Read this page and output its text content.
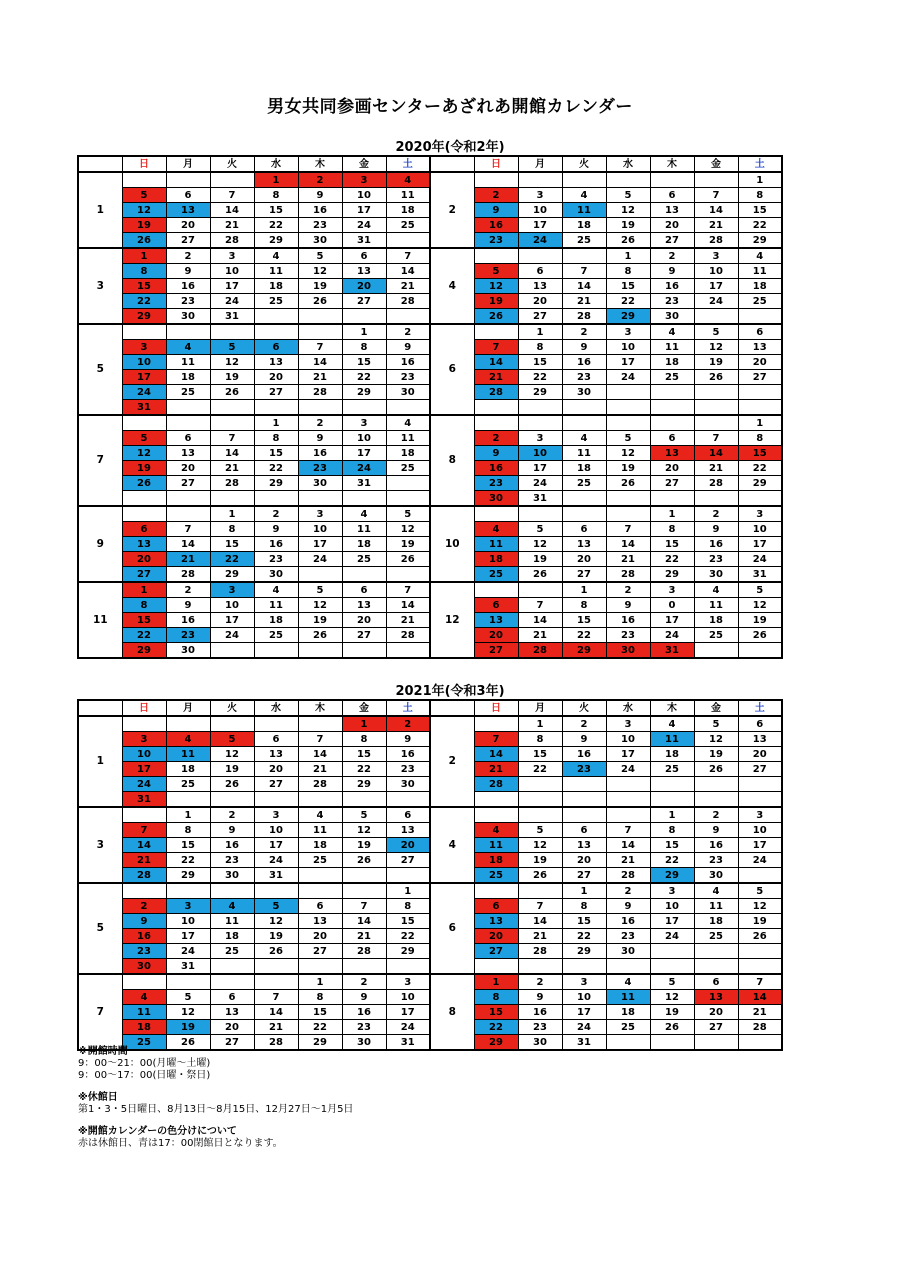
男女共同参画センターあざれあ開館カレンダー
2020年(令和2年)
	日	月	火	水	木	金	土		日	月	火	水	木	金	土
1				1	2	3	4	2							1
	5	6	7	8	9	10	11		2	3	4	5	6	7	8
	12	13	14	15	16	17	18		9	10	11	12	13	14	15
	19	20	21	22	23	24	25		16	17	18	19	20	21	22
	26	27	28	29	30	31			23	24	25	26	27	28	29
3	1	2	3	4	5	6	7	4				1	2	3	4
	8	9	10	11	12	13	14		5	6	7	8	9	10	11
	15	16	17	18	19	20	21		12	13	14	15	16	17	18
	22	23	24	25	26	27	28		19	20	21	22	23	24	25
	29	30	31						26	27	28	29	30		
5						1	2	6		1	2	3	4	5	6
	3	4	5	6	7	8	9		7	8	9	10	11	12	13
	10	11	12	13	14	15	16		14	15	16	17	18	19	20
	17	18	19	20	21	22	23		21	22	23	24	25	26	27
	24	25	26	27	28	29	30		28	29	30				
	31														
7				1	2	3	4	8							1
	5	6	7	8	9	10	11		2	3	4	5	6	7	8
	12	13	14	15	16	17	18		9	10	11	12	13	14	15
	19	20	21	22	23	24	25		16	17	18	19	20	21	22
	26	27	28	29	30	31			23	24	25	26	27	28	29
									30	31					
9			1	2	3	4	5	10					1	2	3
	6	7	8	9	10	11	12		4	5	6	7	8	9	10
	13	14	15	16	17	18	19		11	12	13	14	15	16	17
	20	21	22	23	24	25	26		18	19	20	21	22	23	24
	27	28	29	30					25	26	27	28	29	30	31
11	1	2	3	4	5	6	7	12			1	2	3	4	5
	8	9	10	11	12	13	14		6	7	8	9	0	11	12
	15	16	17	18	19	20	21		13	14	15	16	17	18	19
	22	23	24	25	26	27	28		20	21	22	23	24	25	26
	29	30							27	28	29	30	31		
2021年(令和3年)
	日	月	火	水	木	金	土		日	月	火	水	木	金	土
1						1	2	2		1	2	3	4	5	6
	3	4	5	6	7	8	9		7	8	9	10	11	12	13
	10	11	12	13	14	15	16		14	15	16	17	18	19	20
	17	18	19	20	21	22	23		21	22	23	24	25	26	27
	24	25	26	27	28	29	30		28						
	31														
3		1	2	3	4	5	6	4					1	2	3
	7	8	9	10	11	12	13		4	5	6	7	8	9	10
	14	15	16	17	18	19	20		11	12	13	14	15	16	17
	21	22	23	24	25	26	27		18	19	20	21	22	23	24
	28	29	30	31					25	26	27	28	29	30	
5							1	6			1	2	3	4	5
	2	3	4	5	6	7	8		6	7	8	9	10	11	12
	9	10	11	12	13	14	15		13	14	15	16	17	18	19
	16	17	18	19	20	21	22		20	21	22	23	24	25	26
	23	24	25	26	27	28	29		27	28	29	30			
	30	31													
7					1	2	3	8	1	2	3	4	5	6	7
	4	5	6	7	8	9	10		8	9	10	11	12	13	14
	11	12	13	14	15	16	17		15	16	17	18	19	20	21
	18	19	20	21	22	23	24		22	23	24	25	26	27	28
	25	26	27	28	29	30	31		29	30	31				
※開館時間
9：00～21：00(月曜～土曜)
9：00～17：00(日曜・祭日)
※休館日
第1・3・5日曜日、8月13日～8月15日、12月27日～1月5日
※開館カレンダーの色分けについて
赤は休館日、青は17：00閉館日となります。
